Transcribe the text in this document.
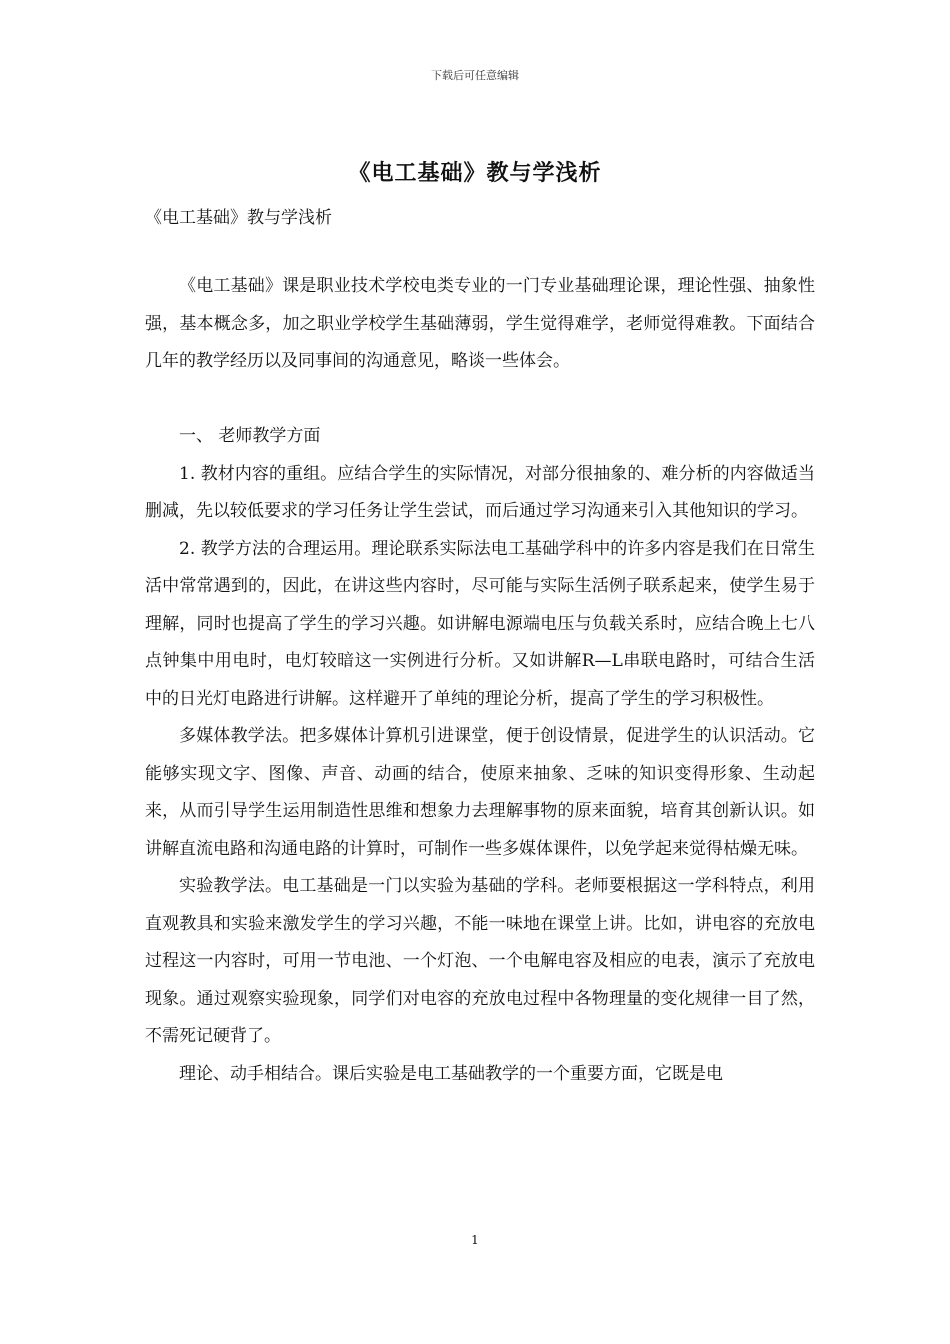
下载后可任意编辑
《电工基础》教与学浅析
《电工基础》教与学浅析

《电工基础》课是职业技术学校电类专业的一门专业基础理论课，理论性强、抽象性强，基本概念多，加之职业学校学生基础薄弱，学生觉得难学，老师觉得难教。下面结合几年的教学经历以及同事间的沟通意见，略谈一些体会。

一、 老师教学方面

1. 教材内容的重组。应结合学生的实际情况，对部分很抽象的、难分析的内容做适当删减，先以较低要求的学习任务让学生尝试，而后通过学习沟通来引入其他知识的学习。

2. 教学方法的合理运用。理论联系实际法电工基础学科中的许多内容是我们在日常生活中常常遇到的，因此，在讲这些内容时，尽可能与实际生活例子联系起来，使学生易于理解，同时也提高了学生的学习兴趣。如讲解电源端电压与负载关系时，应结合晚上七八点钟集中用电时，电灯较暗这一实例进行分析。又如讲解R—L串联电路时，可结合生活中的日光灯电路进行讲解。这样避开了单纯的理论分析，提高了学生的学习积极性。

多媒体教学法。把多媒体计算机引进课堂，便于创设情景，促进学生的认识活动。它能够实现文字、图像、声音、动画的结合，使原来抽象、乏味的知识变得形象、生动起来，从而引导学生运用制造性思维和想象力去理解事物的原来面貌，培育其创新认识。如讲解直流电路和沟通电路的计算时，可制作一些多媒体课件，以免学起来觉得枯燥无味。

实验教学法。电工基础是一门以实验为基础的学科。老师要根据这一学科特点，利用直观教具和实验来激发学生的学习兴趣，不能一味地在课堂上讲。比如，讲电容的充放电过程这一内容时，可用一节电池、一个灯泡、一个电解电容及相应的电表，演示了充放电现象。通过观察实验现象，同学们对电容的充放电过程中各物理量的变化规律一目了然，不需死记硬背了。

理论、动手相结合。课后实验是电工基础教学的一个重要方面，它既是电

1
